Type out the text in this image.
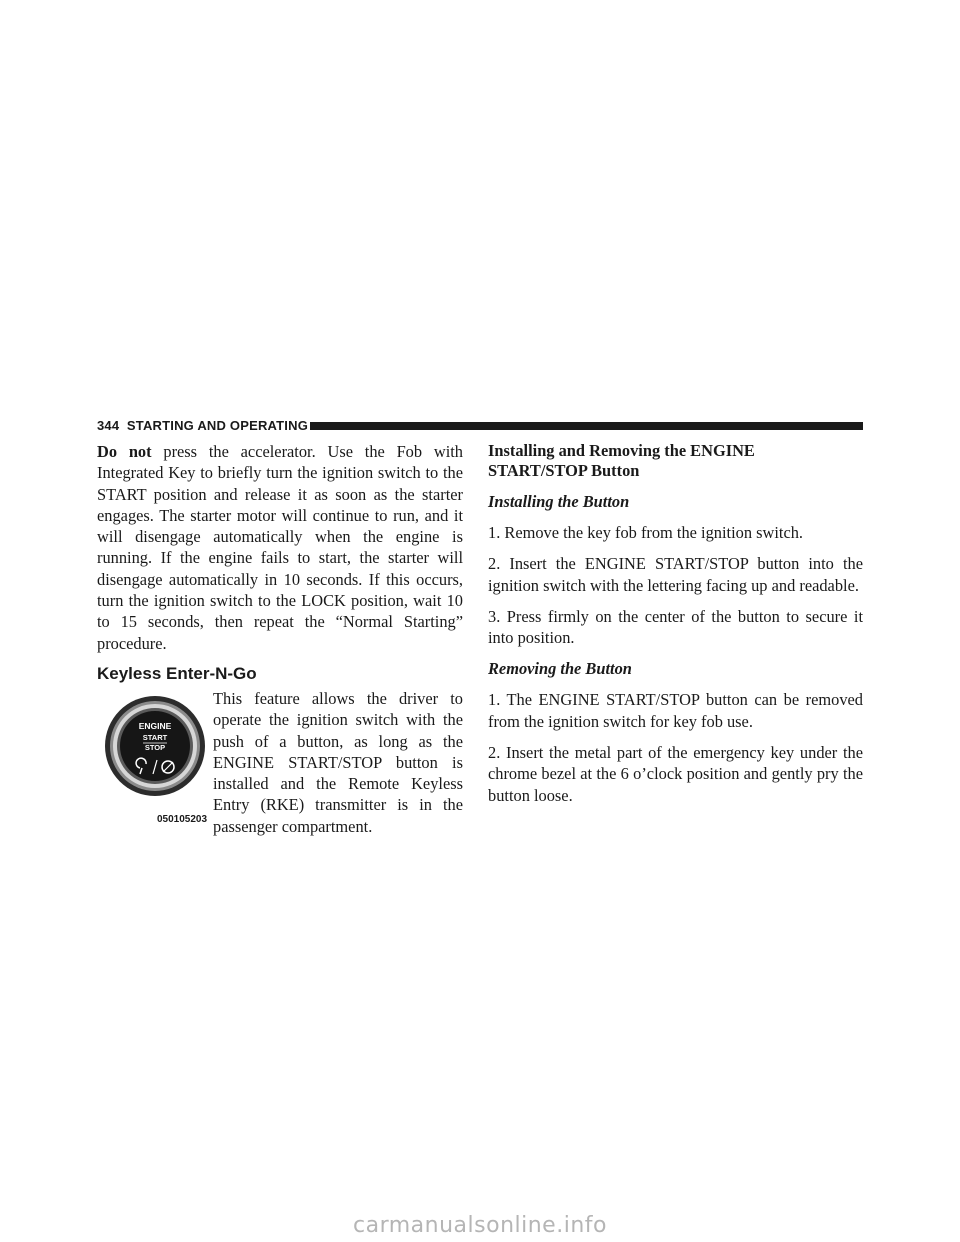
344 STARTING AND OPERATING

Do not press the accelerator. Use the Fob with Integrated Key to briefly turn the ignition switch to the START position and release it as soon as the starter engages. The starter motor will continue to run, and it will disengage automatically when the engine is running. If the engine fails to start, the starter will disengage automatically in 10 seconds. If this occurs, turn the ignition switch to the LOCK position, wait 10 to 15 seconds, then repeat the “Normal Starting” procedure.

Keyless Enter-N-Go
ENGINE
START
STOP
050105203

This feature allows the driver to operate the ignition switch with the push of a button, as long as the ENGINE START/STOP button is installed and the Remote Keyless Entry (RKE) transmitter is in the passenger compartment.

Installing and Removing the ENGINE
START/STOP Button
Installing the Button

1. Remove the key fob from the ignition switch.

2. Insert the ENGINE START/STOP button into the ignition switch with the lettering facing up and readable.

3. Press firmly on the center of the button to secure it into position.

Removing the Button

1. The ENGINE START/STOP button can be removed from the ignition switch for key fob use.

2. Insert the metal part of the emergency key under the chrome bezel at the 6 o’clock position and gently pry the button loose.

carmanualsonline.info
